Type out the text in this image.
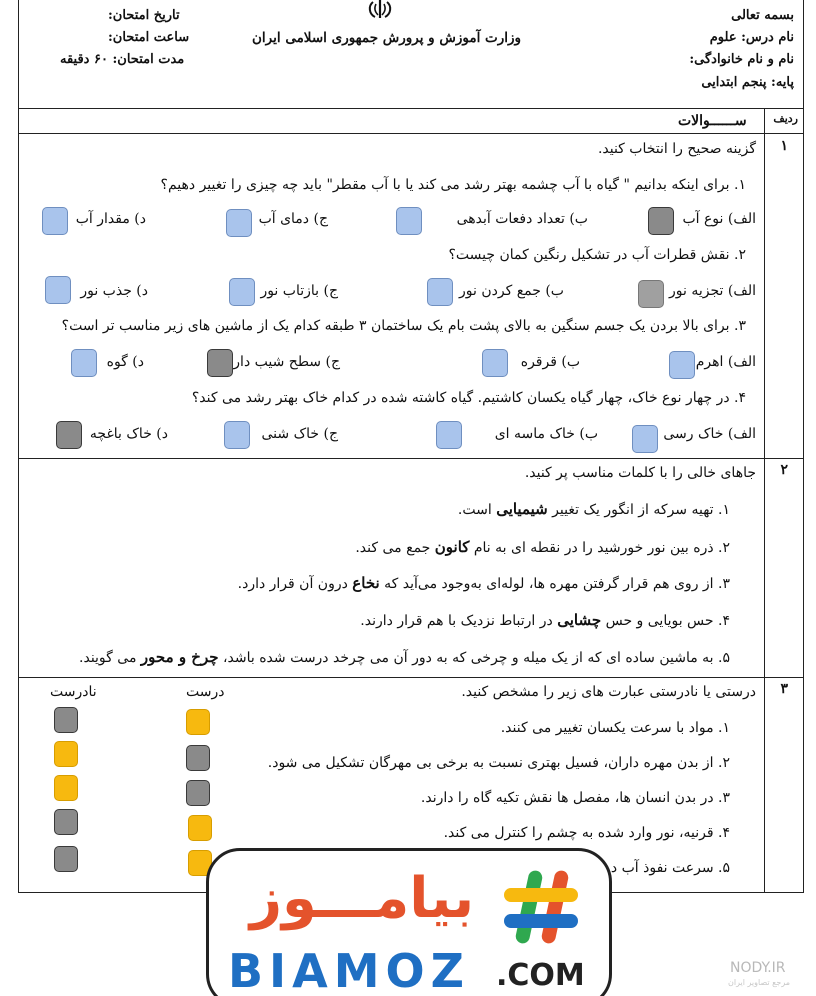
بسمه تعالی
نام درس: علوم
نام و نام خانوادگی:
پایه: پنجم ابتدایی
وزارت آموزش و پرورش جمهوری اسلامی ایران
تاریخ امتحان:
ساعت امتحان:
مدت امتحان: ۶۰ دقیقه
ردیف
ســــــوالات
۱
گزینه صحیح را انتخاب کنید.
۱. برای اینکه بدانیم " گیاه با آب چشمه بهتر رشد می کند یا با آب مقطر" باید چه چیزی را تغییر دهیم؟
الف) نوع آب
ب) تعداد دفعات آبدهی
ج) دمای آب
د) مقدار آب
۲. نقش قطرات آب در تشکیل رنگین کمان چیست؟
الف) تجزیه نور
ب) جمع کردن نور
ج) بازتاب نور
د) جذب نور
۳. برای بالا بردن یک جسم سنگین به بالای پشت بام یک ساختمان ۳ طبقه کدام یک از ماشین های زیر مناسب تر است؟
الف) اهرم
ب) قرقره
ج) سطح شیب دار
د) گوه
۴. در چهار نوع خاک، چهار گیاه یکسان کاشتیم. گیاه کاشته شده در کدام خاک بهتر رشد می کند؟
الف) خاک رسی
ب) خاک ماسه ای
ج) خاک شنی
د) خاک باغچه
۲
جاهای خالی را با کلمات مناسب پر کنید.
۱. تهیه سرکه از انگور یک تغییر شیمیایی است.
۲. ذره بین نور خورشید را در نقطه ای به نام کانون جمع می کند.
۳. از روی هم قرار گرفتن مهره ها، لوله‌ای به‌وجود می‌آید که نخاع درون آن قرار دارد.
۴. حس بویایی و حس چشایی در ارتباط نزدیک با هم قرار دارند.
۵. به ماشین ساده ای که از یک میله و چرخی که به دور آن می چرخد درست شده باشد، چرخ و محور می گویند.
۳
درستی یا نادرستی عبارت های زیر را مشخص کنید.
درست
نادرست
۱. مواد با سرعت یکسان تغییر می کنند.
۲. از بدن مهره داران، فسیل بهتری نسبت به برخی بی مهرگان تشکیل می شود.
۳. در بدن انسان ها، مفصل ها نقش تکیه گاه را دارند.
۴. قرنیه، نور وارد شده به چشم را کنترل می کند.
۵. سرعت نفوذ آب د
بیامـــوز
BIAMOZ .COM	NODY.IR
مرجع تصاویر ایران
